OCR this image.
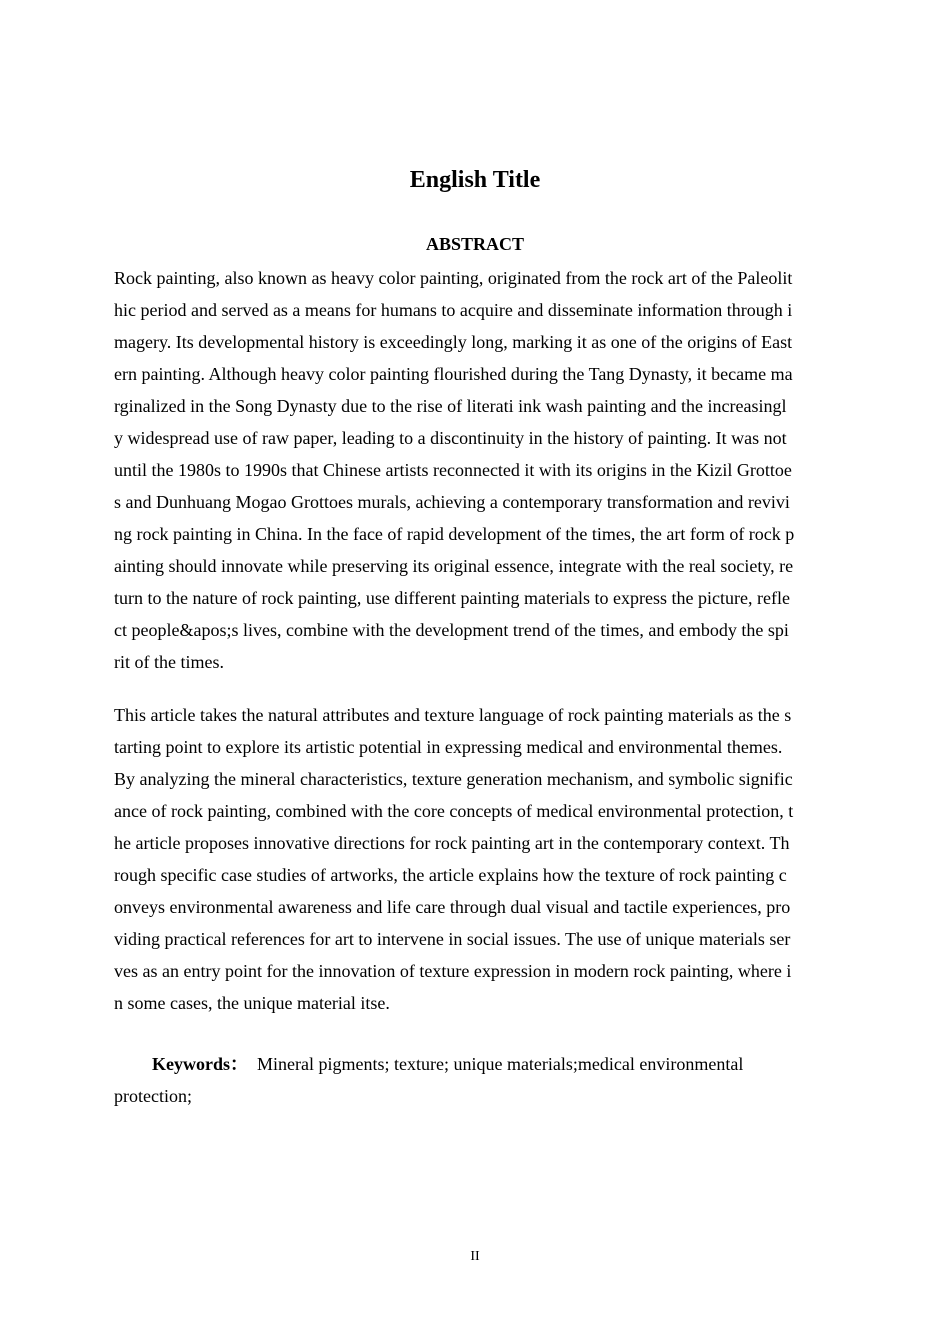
English Title
ABSTRACT
Rock painting, also known as heavy color painting, originated from the rock art of the Paleolit
hic period and served as a means for humans to acquire and disseminate information through i
magery. Its developmental history is exceedingly long, marking it as one of the origins of East
ern painting. Although heavy color painting flourished during the Tang Dynasty, it became ma
rginalized in the Song Dynasty due to the rise of literati ink wash painting and the increasingl
y widespread use of raw paper, leading to a discontinuity in the history of painting. It was not
until the 1980s to 1990s that Chinese artists reconnected it with its origins in the Kizil Grottoe
s and Dunhuang Mogao Grottoes murals, achieving a contemporary transformation and revivi
ng rock painting in China. In the face of rapid development of the times, the art form of rock p
ainting should innovate while preserving its original essence, integrate with the real society, re
turn to the nature of rock painting, use different painting materials to express the picture, refle
ct people&apos;s lives, combine with the development trend of the times, and embody the spi
rit of the times.
This article takes the natural attributes and texture language of rock painting materials as the s
tarting point to explore its artistic potential in expressing medical and environmental themes.
By analyzing the mineral characteristics, texture generation mechanism, and symbolic signific
ance of rock painting, combined with the core concepts of medical environmental protection, t
he article proposes innovative directions for rock painting art in the contemporary context. Th
rough specific case studies of artworks, the article explains how the texture of rock painting c
onveys environmental awareness and life care through dual visual and tactile experiences, pro
viding practical references for art to intervene in social issues. The use of unique materials ser
ves as an entry point for the innovation of texture expression in modern rock painting, where i
n some cases, the unique material itse.
Keywords： Mineral pigments; texture; unique materials;medical environmental
protection;
II
